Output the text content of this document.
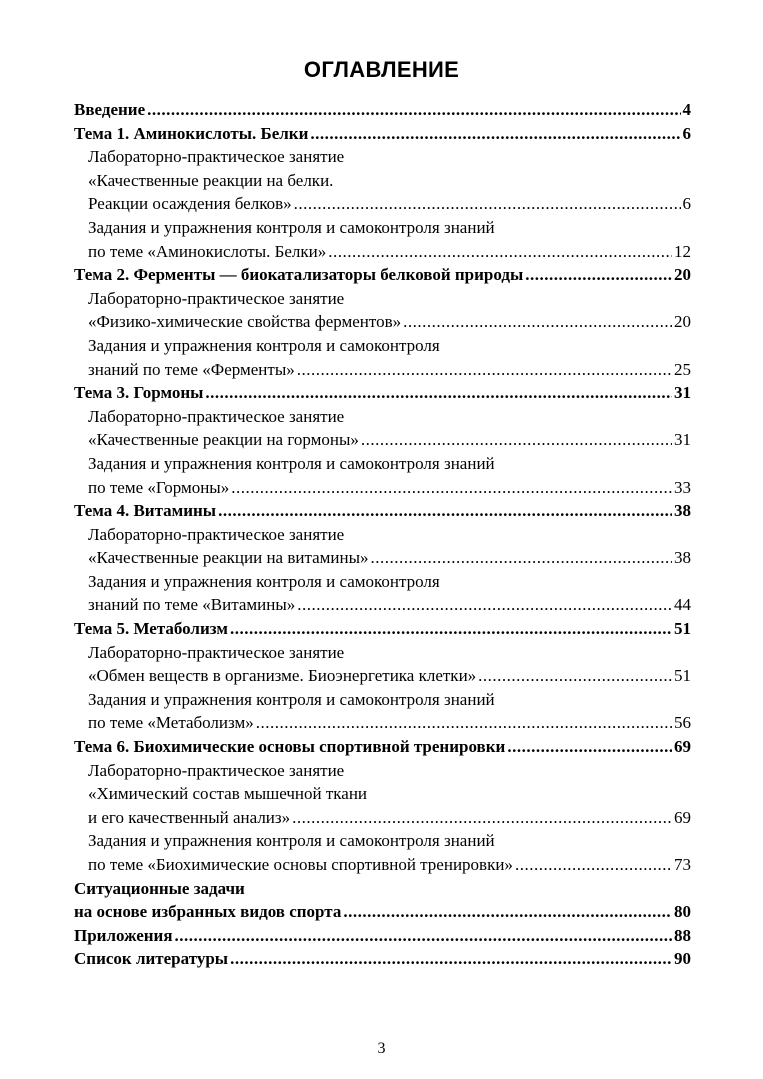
ОГЛАВЛЕНИЕ
Введение .....	4
Тема 1. Аминокислоты. Белки .....	6
Лабораторно-практическое занятие
«Качественные реакции на белки.
Реакции осаждения белков» .....	6
Задания и упражнения контроля и самоконтроля знаний
по теме «Аминокислоты. Белки» .....	12
Тема 2. Ферменты — биокатализаторы белковой природы .....	20
Лабораторно-практическое занятие
«Физико-химические свойства ферментов» .....	20
Задания и упражнения контроля и самоконтроля
знаний по теме «Ферменты» .....	25
Тема 3. Гормоны .....	31
Лабораторно-практическое занятие
«Качественные реакции на гормоны» .....	31
Задания и упражнения контроля и самоконтроля знаний
по теме «Гормоны» .....	33
Тема 4. Витамины .....	38
Лабораторно-практическое занятие
«Качественные реакции на витамины» .....	38
Задания и упражнения контроля и самоконтроля
знаний по теме «Витамины» .....	44
Тема 5. Метаболизм .....	51
Лабораторно-практическое занятие
«Обмен веществ в организме. Биоэнергетика клетки» .....	51
Задания и упражнения контроля и самоконтроля знаний
по теме «Метаболизм» .....	56
Тема 6. Биохимические основы спортивной тренировки .....	69
Лабораторно-практическое занятие
«Химический состав мышечной ткани
и его качественный анализ» .....	69
Задания и упражнения контроля и самоконтроля знаний
по теме «Биохимические основы спортивной тренировки» .....	73
Ситуационные задачи
на основе избранных видов спорта .....	80
Приложения .....	88
Список литературы .....	90
3
